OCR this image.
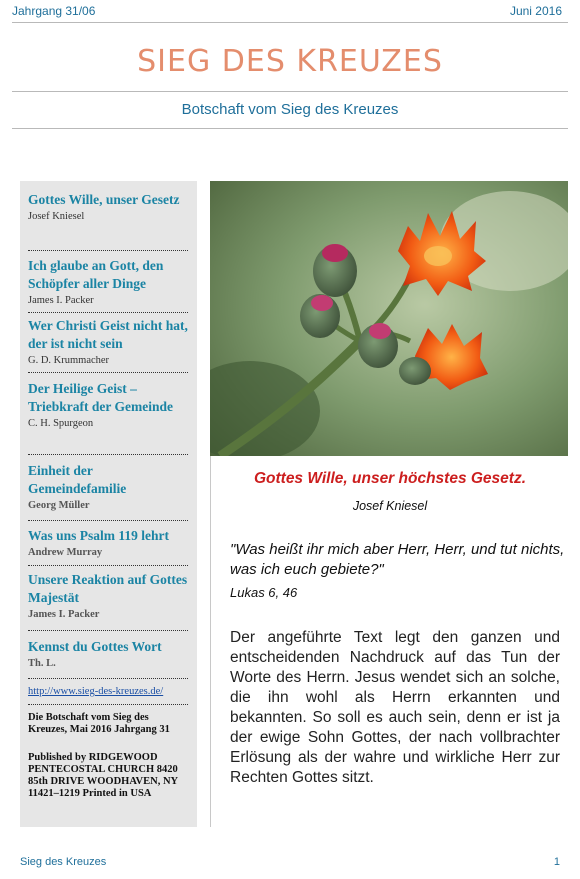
Jahrgang 31/06	Juni 2016
SIEG DES KREUZES
Botschaft vom Sieg des Kreuzes
Gottes Wille, unser Gesetz
Josef Kniesel
Ich glaube an Gott, den Schöpfer aller Dinge
James I. Packer
Wer Christi Geist nicht hat, der ist nicht sein
G. D. Krummacher
Der Heilige Geist – Triebkraft der Gemeinde
C. H. Spurgeon
Einheit der Gemeindefamilie
Georg Müller
Was uns Psalm 119 lehrt
Andrew Murray
Unsere Reaktion auf Gottes Majestät
James I. Packer
Kennst du Gottes Wort
Th. L.
http://www.sieg-des-kreuzes.de/
Die Botschaft vom Sieg des Kreuzes, Mai 2016 Jahrgang 31
Published by RIDGEWOOD PENTECOSTAL CHURCH 8420 85th DRIVE WOODHAVEN, NY 11421–1219 Printed in USA
Gottes Wille, unser höchstes Gesetz.
Josef Kniesel
"Was heißt ihr mich aber Herr, Herr, und tut nichts, was ich euch gebiete?"
Lukas 6, 46
Der angeführte Text legt den ganzen und entscheidenden Nachdruck auf das Tun der Worte des Herrn. Jesus wendet sich an solche, die ihn wohl als Herrn erkannten und bekannten. So soll es auch sein, denn er ist ja der ewige Sohn Gottes, der nach vollbrachter Erlösung als der wahre und wirkliche Herr zur Rechten Gottes sitzt.
Sieg des Kreuzes	1
